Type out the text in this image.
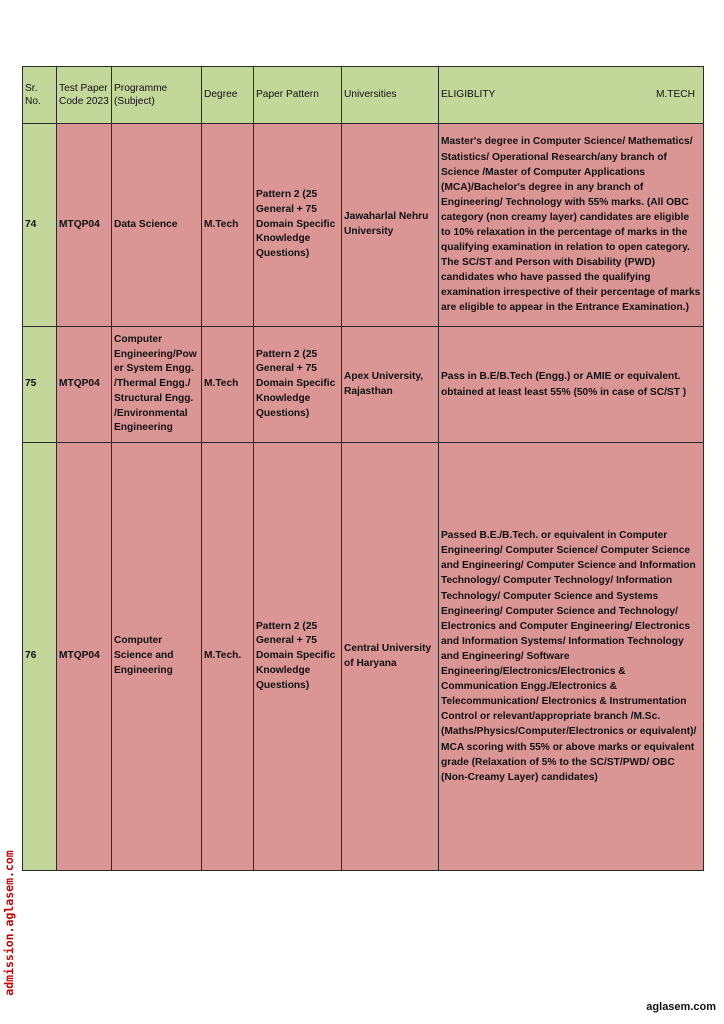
Sr. No.	Test Paper Code 2023	Programme (Subject)	Degree	Paper Pattern	Universities	ELIGIBLITY M.TECH

74	MTQP04	Data Science	M.Tech	Pattern 2 (25 General + 75 Domain Specific Knowledge Questions)	Jawaharlal Nehru University	Master's degree in Computer Science/ Mathematics/ Statistics/ Operational Research/any branch of Science /Master of Computer Applications (MCA)/Bachelor's degree in any branch of Engineering/ Technology with 55% marks. (All OBC category (non creamy layer) candidates are eligible to 10% relaxation in the percentage of marks in the qualifying examination in relation to open category. The SC/ST and Person with Disability (PWD) candidates who have passed the qualifying examination irrespective of their percentage of marks are eligible to appear in the Entrance Examination.)
75	MTQP04	Computer Engineering/Power System Engg. /Thermal Engg./ Structural Engg. /Environmental Engineering	M.Tech	Pattern 2 (25 General + 75 Domain Specific Knowledge Questions)	Apex University, Rajasthan	Pass in B.E/B.Tech (Engg.) or AMIE or equivalent. obtained at least least 55% (50% in case of SC/ST )
76	MTQP04	Computer Science and Engineering	M.Tech.	Pattern 2 (25 General + 75 Domain Specific Knowledge Questions)	Central University of Haryana	Passed B.E./B.Tech. or equivalent in Computer Engineering/ Computer Science/ Computer Science and Engineering/ Computer Science and Information Technology/ Computer Technology/ Information Technology/ Computer Science and Systems Engineering/ Computer Science and Technology/ Electronics and Computer Engineering/ Electronics and Information Systems/ Information Technology and Engineering/ Software Engineering/Electronics/Electronics & Communication Engg./Electronics & Telecommunication/ Electronics & Instrumentation Control or relevant/appropriate branch /M.Sc. (Maths/Physics/Computer/Electronics or equivalent)/ MCA scoring with 55% or above marks or equivalent grade (Relaxation of 5% to the SC/ST/PWD/ OBC (Non-Creamy Layer) candidates)
admission.aglasem.com
aglasem.com
